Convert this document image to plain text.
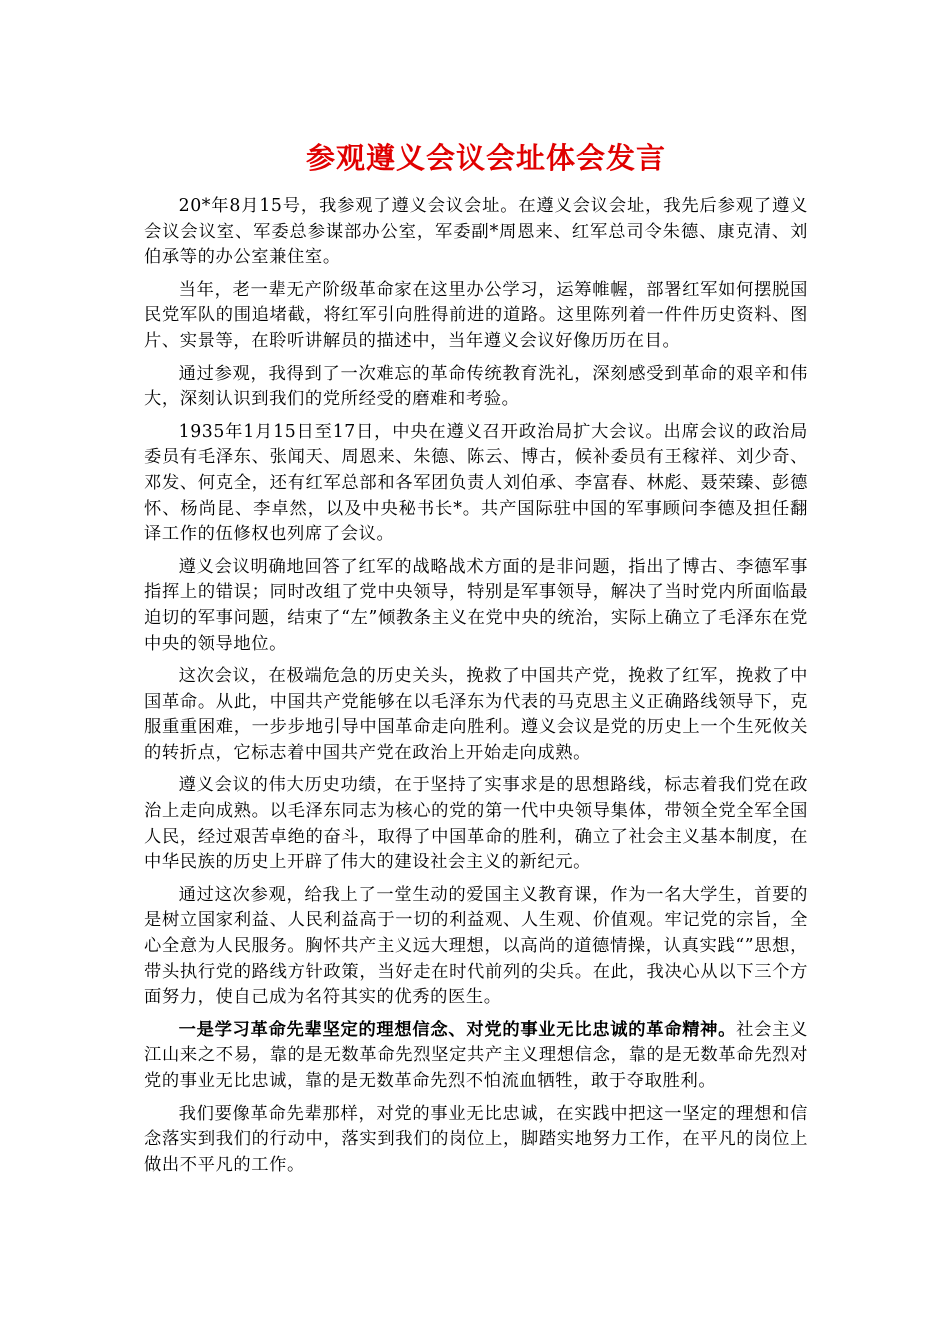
参观遵义会议会址体会发言

20*年8月15号，我参观了遵义会议会址。在遵义会议会址，我先后参观了遵义会议会议室、军委总参谋部办公室，军委副*周恩来、红军总司令朱德、康克清、刘伯承等的办公室兼住室。

当年，老一辈无产阶级革命家在这里办公学习，运筹帷幄，部署红军如何摆脱国民党军队的围追堵截，将红军引向胜得前进的道路。这里陈列着一件件历史资料、图片、实景等，在聆听讲解员的描述中，当年遵义会议好像历历在目。

通过参观，我得到了一次难忘的革命传统教育洗礼，深刻感受到革命的艰辛和伟大，深刻认识到我们的党所经受的磨难和考验。

1935年1月15日至17日，中央在遵义召开政治局扩大会议。出席会议的政治局委员有毛泽东、张闻天、周恩来、朱德、陈云、博古，候补委员有王稼祥、刘少奇、邓发、何克全，还有红军总部和各军团负责人刘伯承、李富春、林彪、聂荣臻、彭德怀、杨尚昆、李卓然，以及中央秘书长*。共产国际驻中国的军事顾问李德及担任翻译工作的伍修权也列席了会议。

遵义会议明确地回答了红军的战略战术方面的是非问题，指出了博古、李德军事指挥上的错误；同时改组了党中央领导，特别是军事领导，解决了当时党内所面临最迫切的军事问题，结束了“左”倾教条主义在党中央的统治，实际上确立了毛泽东在党中央的领导地位。

这次会议，在极端危急的历史关头，挽救了中国共产党，挽救了红军，挽救了中国革命。从此，中国共产党能够在以毛泽东为代表的马克思主义正确路线领导下，克服重重困难，一步步地引导中国革命走向胜利。遵义会议是党的历史上一个生死攸关的转折点，它标志着中国共产党在政治上开始走向成熟。

遵义会议的伟大历史功绩，在于坚持了实事求是的思想路线，标志着我们党在政治上走向成熟。以毛泽东同志为核心的党的第一代中央领导集体，带领全党全军全国人民，经过艰苦卓绝的奋斗，取得了中国革命的胜利，确立了社会主义基本制度，在中华民族的历史上开辟了伟大的建设社会主义的新纪元。

通过这次参观，给我上了一堂生动的爱国主义教育课，作为一名大学生，首要的是树立国家利益、人民利益高于一切的利益观、人生观、价值观。牢记党的宗旨，全心全意为人民服务。胸怀共产主义远大理想，以高尚的道德情操，认真实践“”思想，带头执行党的路线方针政策，当好走在时代前列的尖兵。在此，我决心从以下三个方面努力，使自己成为名符其实的优秀的医生。

一是学习革命先辈坚定的理想信念、对党的事业无比忠诚的革命精神。社会主义江山来之不易，靠的是无数革命先烈坚定共产主义理想信念，靠的是无数革命先烈对党的事业无比忠诚，靠的是无数革命先烈不怕流血牺牲，敢于夺取胜利。

我们要像革命先辈那样，对党的事业无比忠诚，在实践中把这一坚定的理想和信念落实到我们的行动中，落实到我们的岗位上，脚踏实地努力工作，在平凡的岗位上做出不平凡的工作。
